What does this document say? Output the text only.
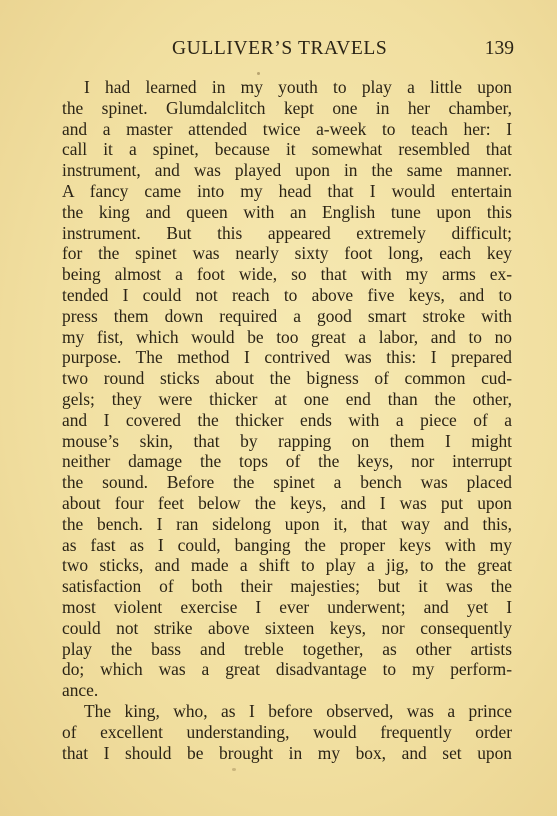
GULLIVER’S TRAVELS	139
I had learned in my youth to play a little upon
the spinet. Glumdalclitch kept one in her chamber,
and a master attended twice a-week to teach her: I
call it a spinet, because it somewhat resembled that
instrument, and was played upon in the same manner.
A fancy came into my head that I would entertain
the king and queen with an English tune upon this
instrument. But this appeared extremely difficult;
for the spinet was nearly sixty foot long, each key
being almost a foot wide, so that with my arms ex-
tended I could not reach to above five keys, and to
press them down required a good smart stroke with
my fist, which would be too great a labor, and to no
purpose. The method I contrived was this: I prepared
two round sticks about the bigness of common cud-
gels; they were thicker at one end than the other,
and I covered the thicker ends with a piece of a
mouse’s skin, that by rapping on them I might
neither damage the tops of the keys, nor interrupt
the sound. Before the spinet a bench was placed
about four feet below the keys, and I was put upon
the bench. I ran sidelong upon it, that way and this,
as fast as I could, banging the proper keys with my
two sticks, and made a shift to play a jig, to the great
satisfaction of both their majesties; but it was the
most violent exercise I ever underwent; and yet I
could not strike above sixteen keys, nor consequently
play the bass and treble together, as other artists
do; which was a great disadvantage to my perform-
ance.
The king, who, as I before observed, was a prince
of excellent understanding, would frequently order
that I should be brought in my box, and set upon
